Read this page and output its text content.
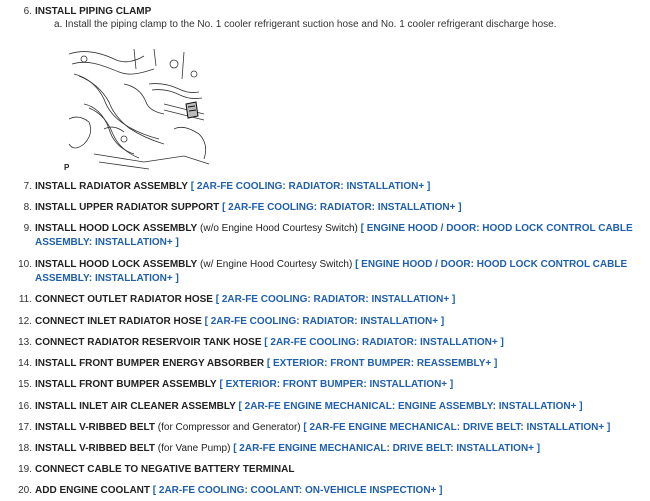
6. INSTALL PIPING CLAMP
a. Install the piping clamp to the No. 1 cooler refrigerant suction hose and No. 1 cooler refrigerant discharge hose.
P
7. INSTALL RADIATOR ASSEMBLY [ 2AR-FE COOLING: RADIATOR: INSTALLATION+ ]
8. INSTALL UPPER RADIATOR SUPPORT [ 2AR-FE COOLING: RADIATOR: INSTALLATION+ ]
9. INSTALL HOOD LOCK ASSEMBLY (w/o Engine Hood Courtesy Switch) [ ENGINE HOOD / DOOR: HOOD LOCK CONTROL CABLE ASSEMBLY: INSTALLATION+ ]
10. INSTALL HOOD LOCK ASSEMBLY (w/ Engine Hood Courtesy Switch) [ ENGINE HOOD / DOOR: HOOD LOCK CONTROL CABLE ASSEMBLY: INSTALLATION+ ]
11. CONNECT OUTLET RADIATOR HOSE [ 2AR-FE COOLING: RADIATOR: INSTALLATION+ ]
12. CONNECT INLET RADIATOR HOSE [ 2AR-FE COOLING: RADIATOR: INSTALLATION+ ]
13. CONNECT RADIATOR RESERVOIR TANK HOSE [ 2AR-FE COOLING: RADIATOR: INSTALLATION+ ]
14. INSTALL FRONT BUMPER ENERGY ABSORBER [ EXTERIOR: FRONT BUMPER: REASSEMBLY+ ]
15. INSTALL FRONT BUMPER ASSEMBLY [ EXTERIOR: FRONT BUMPER: INSTALLATION+ ]
16. INSTALL INLET AIR CLEANER ASSEMBLY [ 2AR-FE ENGINE MECHANICAL: ENGINE ASSEMBLY: INSTALLATION+ ]
17. INSTALL V-RIBBED BELT (for Compressor and Generator) [ 2AR-FE ENGINE MECHANICAL: DRIVE BELT: INSTALLATION+ ]
18. INSTALL V-RIBBED BELT (for Vane Pump) [ 2AR-FE ENGINE MECHANICAL: DRIVE BELT: INSTALLATION+ ]
19. CONNECT CABLE TO NEGATIVE BATTERY TERMINAL
20. ADD ENGINE COOLANT [ 2AR-FE COOLING: COOLANT: ON-VEHICLE INSPECTION+ ]
